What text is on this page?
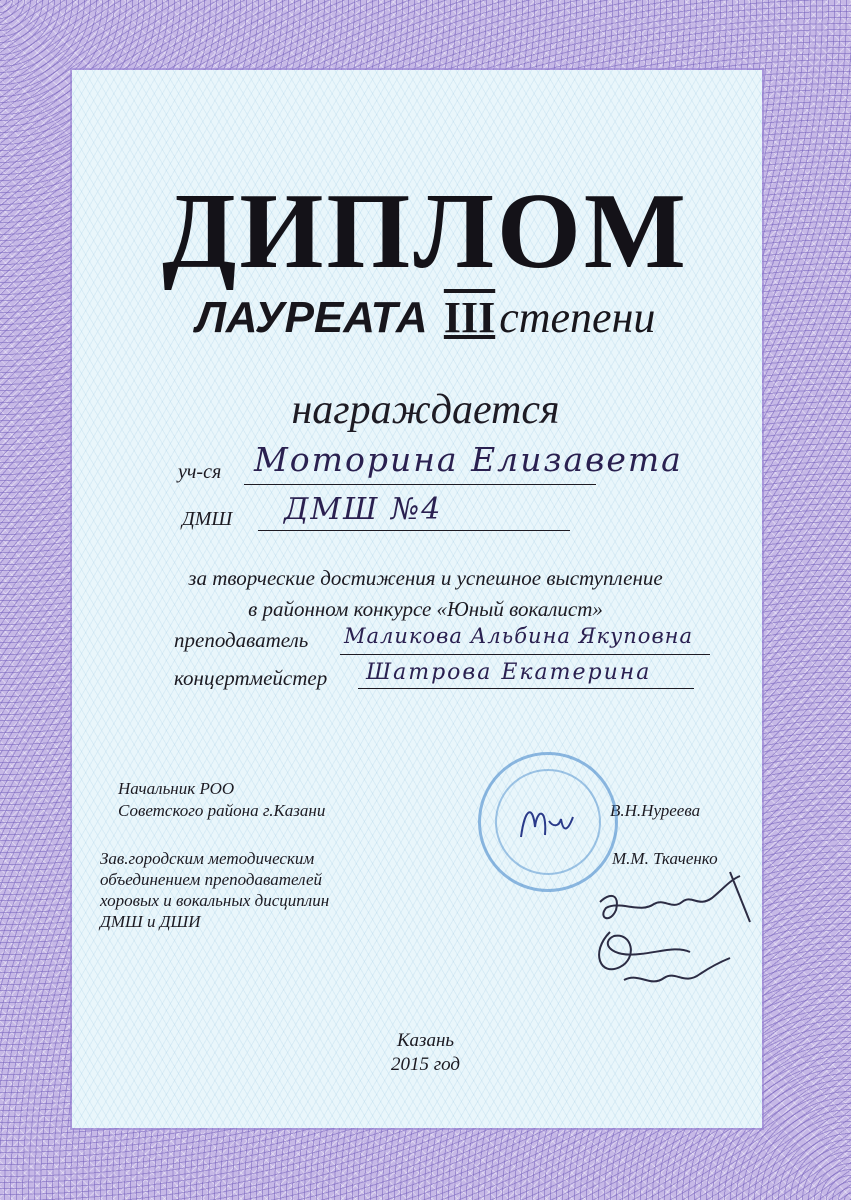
ДИПЛОМ
ЛАУРЕАТА IIIстепени
награждается
уч-ся Моторина Елизавета
ДМШ ДМШ №4
за творческие достижения и успешное выступление
в районном конкурсе «Юный вокалист»
преподаватель Маликова Альбина Якуповна
концертмейстер Шатрова Екатерина
Начальник РОО
Советского района г.Казани	В.Н.Нуреева
Зав.городским методическим
объединением преподавателей
хоровых и вокальных дисциплин
ДМШ и ДШИ
М.М. Ткаченко
Казань
2015 год
